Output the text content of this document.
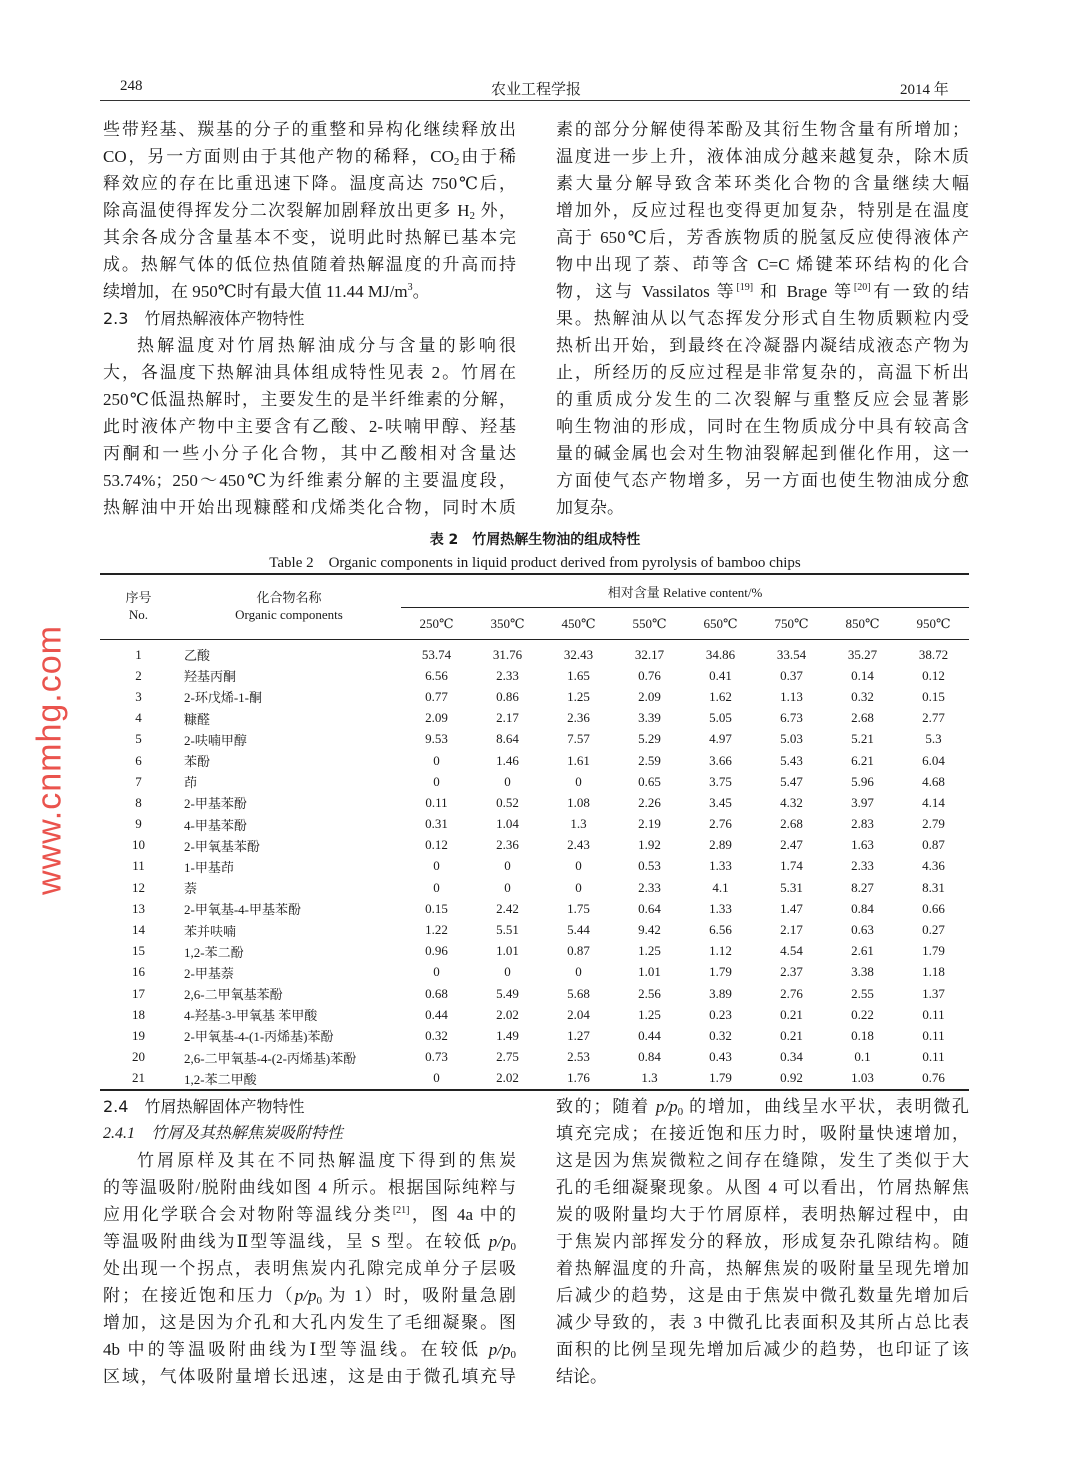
248	农业工程学报	2014 年
些带羟基、羰基的分子的重整和异构化继续释放出
CO，另一方面则由于其他产物的稀释，$CO_2$由于稀
释效应的存在比重迅速下降。温度高达 750℃后，
除高温使得挥发分二次裂解加剧释放出更多 $H_2$ 外，
其余各成分含量基本不变，说明此时热解已基本完
成。热解气体的低位热值随着热解温度的升高而持
续增加，在 950℃时有最大值 11.44 $MJ/m^3$。
2.3　竹屑热解液体产物特性
热解温度对竹屑热解油成分与含量的影响很
大，各温度下热解油具体组成特性见表 2。竹屑在
250℃低温热解时，主要发生的是半纤维素的分解，
此时液体产物中主要含有乙酸、2-呋喃甲醇、羟基
丙酮和一些小分子化合物，其中乙酸相对含量达
53.74%；250～450℃为纤维素分解的主要温度段，
热解油中开始出现糠醛和戊烯类化合物，同时木质
素的部分分解使得苯酚及其衍生物含量有所增加；
温度进一步上升，液体油成分越来越复杂，除木质
素大量分解导致含苯环类化合物的含量继续大幅
增加外，反应过程也变得更加复杂，特别是在温度
高于 650℃后，芳香族物质的脱氢反应使得液体产
物中出现了萘、茚等含 C=C 烯键苯环结构的化合
物，这与 Vassilatos 等[19] 和 Brage 等[20]有一致的结
果。热解油从以气态挥发分形式自生物质颗粒内受
热析出开始，到最终在冷凝器内凝结成液态产物为
止，所经历的反应过程是非常复杂的，高温下析出
的重质成分发生的二次裂解与重整反应会显著影
响生物油的形成，同时在生物质成分中具有较高含
量的碱金属也会对生物油裂解起到催化作用，这一
方面使气态产物增多，另一方面也使生物油成分愈
加复杂。
表 2　竹屑热解生物油的组成特性
Table 2　Organic components in liquid product derived from pyrolysis of bamboo chips
序号
No.	化合物名称
Organic components	相对含量 Relative content/%							
		250℃	350℃	450℃	550℃	650℃	750℃	850℃	950℃
1	乙酸	53.74	31.76	32.43	32.17	34.86	33.54	35.27	38.72
2	羟基丙酮	6.56	2.33	1.65	0.76	0.41	0.37	0.14	0.12
3	2-环戊烯-1-酮	0.77	0.86	1.25	2.09	1.62	1.13	0.32	0.15
4	糠醛	2.09	2.17	2.36	3.39	5.05	6.73	2.68	2.77
5	2-呋喃甲醇	9.53	8.64	7.57	5.29	4.97	5.03	5.21	5.3
6	苯酚	0	1.46	1.61	2.59	3.66	5.43	6.21	6.04
7	茚	0	0	0	0.65	3.75	5.47	5.96	4.68
8	2-甲基苯酚	0.11	0.52	1.08	2.26	3.45	4.32	3.97	4.14
9	4-甲基苯酚	0.31	1.04	1.3	2.19	2.76	2.68	2.83	2.79
10	2-甲氧基苯酚	0.12	2.36	2.43	1.92	2.89	2.47	1.63	0.87
11	1-甲基茚	0	0	0	0.53	1.33	1.74	2.33	4.36
12	萘	0	0	0	2.33	4.1	5.31	8.27	8.31
13	2-甲氧基-4-甲基苯酚	0.15	2.42	1.75	0.64	1.33	1.47	0.84	0.66
14	苯并呋喃	1.22	5.51	5.44	9.42	6.56	2.17	0.63	0.27
15	1,2-苯二酚	0.96	1.01	0.87	1.25	1.12	4.54	2.61	1.79
16	2-甲基萘	0	0	0	1.01	1.79	2.37	3.38	1.18
17	2,6-二甲氧基苯酚	0.68	5.49	5.68	2.56	3.89	2.76	2.55	1.37
18	4-羟基-3-甲氧基 苯甲酸	0.44	2.02	2.04	1.25	0.23	0.21	0.22	0.11
19	2-甲氧基-4-(1-丙烯基)苯酚	0.32	1.49	1.27	0.44	0.32	0.21	0.18	0.11
20	2,6-二甲氧基-4-(2-丙烯基)苯酚	0.73	2.75	2.53	0.84	0.43	0.34	0.1	0.11
21	1,2-苯二甲酸	0	2.02	1.76	1.3	1.79	0.92	1.03	0.76
2.4　竹屑热解固体产物特性
2.4.1　竹屑及其热解焦炭吸附特性
竹屑原样及其在不同热解温度下得到的焦炭
的等温吸附/脱附曲线如图 4 所示。根据国际纯粹与
应用化学联合会对物附等温线分类[21]，图 4a 中的
等温吸附曲线为Ⅱ型等温线，呈 S 型。在较低 $p/p_0$
处出现一个拐点，表明焦炭内孔隙完成单分子层吸
附；在接近饱和压力（$p/p_0$ 为 1）时，吸附量急剧
增加，这是因为介孔和大孔内发生了毛细凝聚。图
4b 中的等温吸附曲线为Ⅰ型等温线。在较低 $p/p_0$
区域，气体吸附量增长迅速，这是由于微孔填充导
致的；随着 $p/p_0$ 的增加，曲线呈水平状，表明微孔
填充完成；在接近饱和压力时，吸附量快速增加，
这是因为焦炭微粒之间存在缝隙，发生了类似于大
孔的毛细凝聚现象。从图 4 可以看出，竹屑热解焦
炭的吸附量均大于竹屑原样，表明热解过程中，由
于焦炭内部挥发分的释放，形成复杂孔隙结构。随
着热解温度的升高，热解焦炭的吸附量呈现先增加
后减少的趋势，这是由于焦炭中微孔数量先增加后
减少导致的，表 3 中微孔比表面积及其所占总比表
面积的比例呈现先增加后减少的趋势，也印证了该
结论。
www.cnmhg.com
